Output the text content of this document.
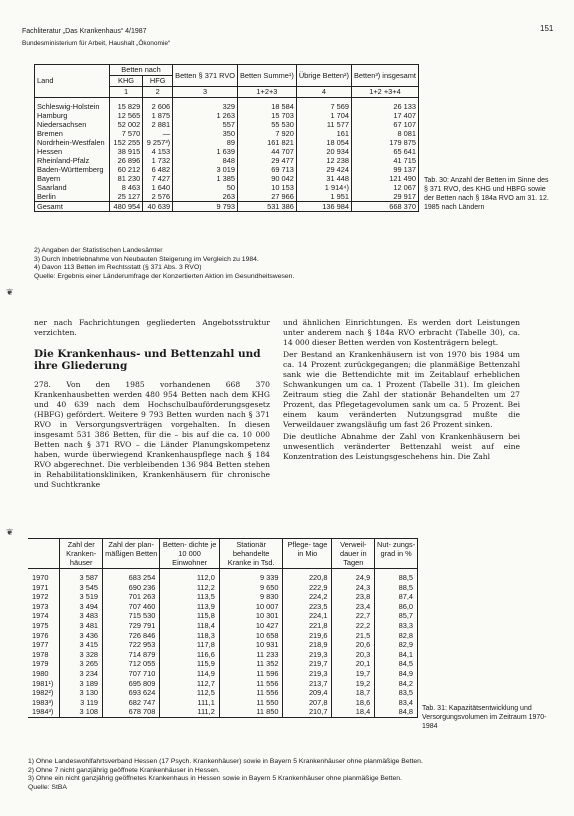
Fachliteratur „Das Krankenhaus“ 4/1987
Bundesministerium für Arbeit, Haushalt „Ökonomie“
151
Land	Betten nach		Betten § 371 RVO	Betten Summe¹)	Übrige Betten²)	Betten³) insgesamt
	KHG	HFG				
	1	2	3	1+2+3	4	1+2 +3+4
Schleswig-Holstein	15 829	2 606	329	18 584	7 569	26 133
Hamburg	12 565	1 875	1 263	15 703	1 704	17 407
Niedersachsen	52 002	2 881	557	55 530	11 577	67 107
Bremen	7 570	—	350	7 920	161	8 081
Nordrhein-Westfalen	152 255	9 257³)	89	161 821	18 054	179 875
Hessen	38 915	4 153	1 639	44 707	20 934	65 641
Rheinland-Pfalz	26 896	1 732	848	29 477	12 238	41 715
Baden-Württemberg	60 212	6 482	3 019	69 713	29 424	99 137
Bayern	81 230	7 427	1 385	90 042	31 448	121 490
Saarland	8 463	1 640	50	10 153	1 914⁴)	12 067
Berlin	25 127	2 576	263	27 966	1 951	29 917
Gesamt	480 954	40 639	9 793	531 386	136 984	668 370
Tab. 30: Anzahl der Betten im Sinne des § 371 RVO, des KHG und HBFG sowie der Betten nach § 184a RVO am 31. 12. 1985 nach Ländern
2) Angaben der Statistischen Landesämter
3) Durch Inbetriebnahme von Neubauten Steigerung im Vergleich zu 1984.
4) Davon 113 Betten im Rechtsstatt (§ 371 Abs. 3 RVO)
Quelle: Ergebnis einer Länderumfrage der Konzertierten Aktion im Gesundheitswesen.
❦

ner nach Fachrichtungen gegliederten Angebotsstruktur verzichten.

Die Krankenhaus- und Bettenzahl und ihre Gliederung

278. Von den 1985 vorhandenen 668 370 Krankenhausbetten werden 480 954 Betten nach dem KHG und 40 639 nach dem Hochschulbauförderungsgesetz (HBFG) gefördert. Weitere 9 793 Betten wurden nach § 371 RVO in Versorgungsverträgen vorgehalten. In diesen insgesamt 531 386 Betten, für die – bis auf die ca. 10 000 Betten nach § 371 RVO – die Länder Planungskompetenz haben, wurde überwiegend Krankenhauspflege nach § 184 RVO abgerechnet. Die verbleibenden 136 984 Betten stehen in Rehabilitationskliniken, Krankenhäusern für chronische und Suchtkranke

und ähnlichen Einrichtungen. Es werden dort Leistungen unter anderem nach § 184a RVO erbracht (Tabelle 30), ca. 14 000 dieser Betten werden von Kostenträgern belegt.

Der Bestand an Krankenhäusern ist von 1970 bis 1984 um ca. 14 Prozent zurückgegangen; die planmäßige Bettenzahl sank wie die Bettendichte mit im Zeitablauf erheblichen Schwankungen um ca. 1 Prozent (Tabelle 31). Im gleichen Zeitraum stieg die Zahl der stationär Behandelten um 27 Prozent, das Pflegetagevolumen sank um ca. 5 Prozent. Bei einem kaum veränderten Nutzungsgrad mußte die Verweildauer zwangsläufig um fast 26 Prozent sinken.

Die deutliche Abnahme der Zahl von Krankenhäusern bei unwesentlich veränderter Bettenzahl weist auf eine Konzentration des Leistungsgeschehens hin. Die Zahl

❦
	Zahl der Kranken- häuser	Zahl der plan- mäßigen Betten	Betten- dichte je 10 000 Einwohner	Stationär behandelte Kranke in Tsd.	Pflege- tage in Mio	Verweil- dauer in Tagen	Nut- zungs- grad in %
1970	3 587	683 254	112,0	9 339	220,8	24,9	88,5
1971	3 545	690 236	112,2	9 650	222,9	24,3	88,5
1972	3 519	701 263	113,5	9 830	224,2	23,8	87,4
1973	3 494	707 460	113,9	10 007	223,5	23,4	86,0
1974	3 483	715 530	115,8	10 301	224,1	22,7	85,7
1975	3 481	729 791	118,4	10 427	221,8	22,2	83,3
1976	3 436	726 846	118,3	10 658	219,6	21,5	82,8
1977	3 415	722 953	117,8	10 931	218,9	20,6	82,9
1978	3 328	714 879	116,6	11 233	219,3	20,3	84,1
1979	3 265	712 055	115,9	11 352	219,7	20,1	84,5
1980	3 234	707 710	114,9	11 596	219,3	19,7	84,9
1981¹)	3 189	695 809	112,7	11 556	213,7	19,2	84,2
1982²)	3 130	693 624	112,5	11 556	209,4	18,7	83,5
1983³)	3 119	682 747	111,1	11 550	207,8	18,6	83,4
1984³)	3 108	678 708	111,2	11 850	210,7	18,4	84,8 Tab. 31: Kapazitätsentwicklung und Versorgungsvolumen im Zeitraum 1970-1984
1) Ohne Landeswohlfahrtsverband Hessen (17 Psych. Krankenhäuser) sowie in Bayern 5 Krankenhäuser ohne planmäßige Betten.
2) Ohne 7 nicht ganzjährig geöffnete Krankenhäuser in Hessen.
3) Ohne ein nicht ganzjährig geöffnetes Krankenhaus in Hessen sowie in Bayern 5 Krankenhäuser ohne planmäßige Betten.
Quelle: StBA
